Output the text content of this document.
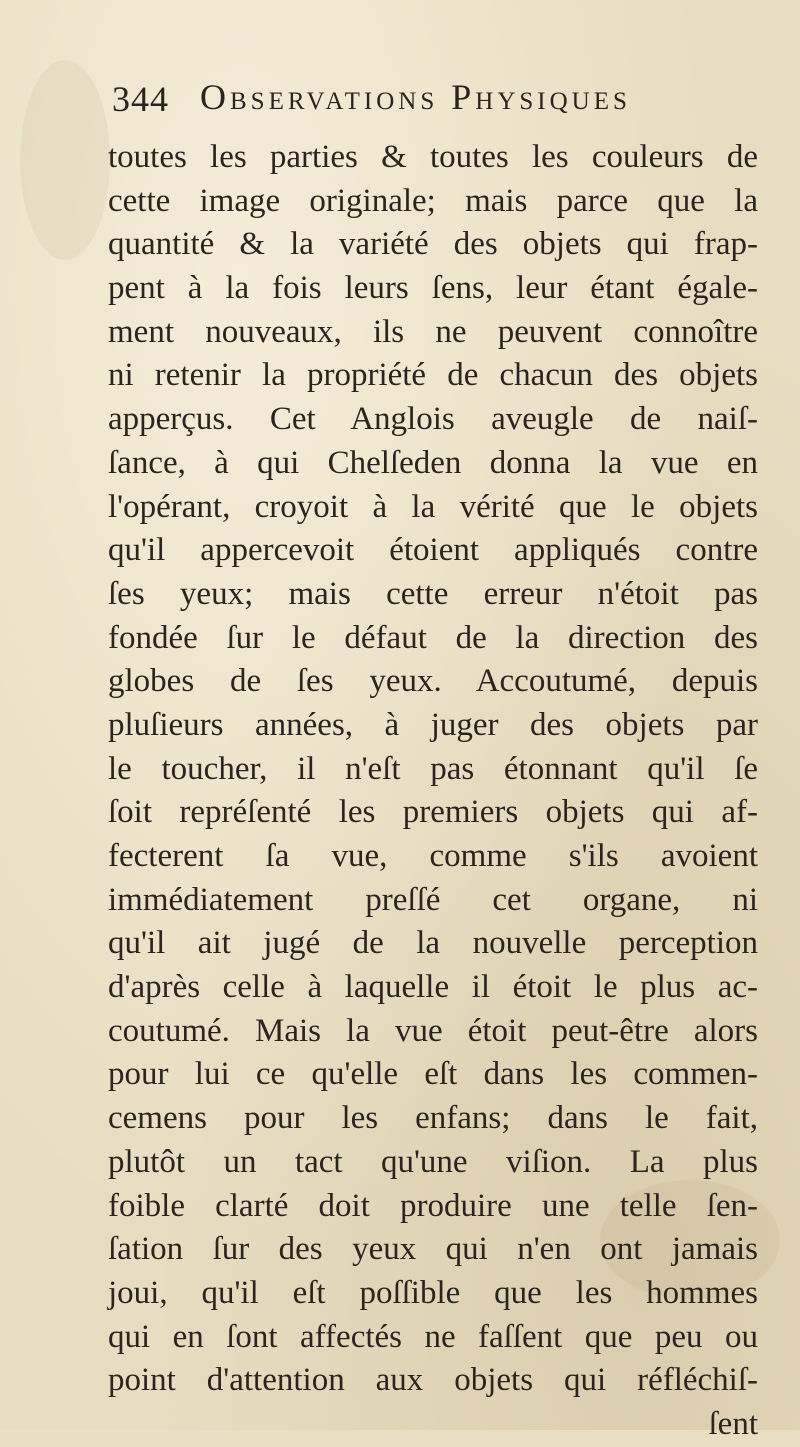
344 Observations Physiques
toutes les parties & toutes les couleurs de
cette image originale; mais parce que la
quantité & la variété des objets qui frap-
pent à la fois leurs ſens, leur étant égale-
ment nouveaux, ils ne peuvent connoître
ni retenir la propriété de chacun des objets
apperçus. Cet Anglois aveugle de naiſ-
ſance, à qui Chelſeden donna la vue en
l'opérant, croyoit à la vérité que le objets
qu'il appercevoit étoient appliqués contre
ſes yeux; mais cette erreur n'étoit pas
fondée ſur le défaut de la direction des
globes de ſes yeux. Accoutumé, depuis
pluſieurs années, à juger des objets par
le toucher, il n'eſt pas étonnant qu'il ſe
ſoit repréſenté les premiers objets qui af-
fecterent ſa vue, comme s'ils avoient
immédiatement preſſé cet organe, ni
qu'il ait jugé de la nouvelle perception
d'après celle à laquelle il étoit le plus ac-
coutumé. Mais la vue étoit peut-être alors
pour lui ce qu'elle eſt dans les commen-
cemens pour les enfans; dans le fait,
plutôt un tact qu'une viſion. La plus
foible clarté doit produire une telle ſen-
ſation ſur des yeux qui n'en ont jamais
joui, qu'il eſt poſſible que les hommes
qui en ſont affectés ne faſſent que peu ou
point d'attention aux objets qui réfléchiſ-
ſent
